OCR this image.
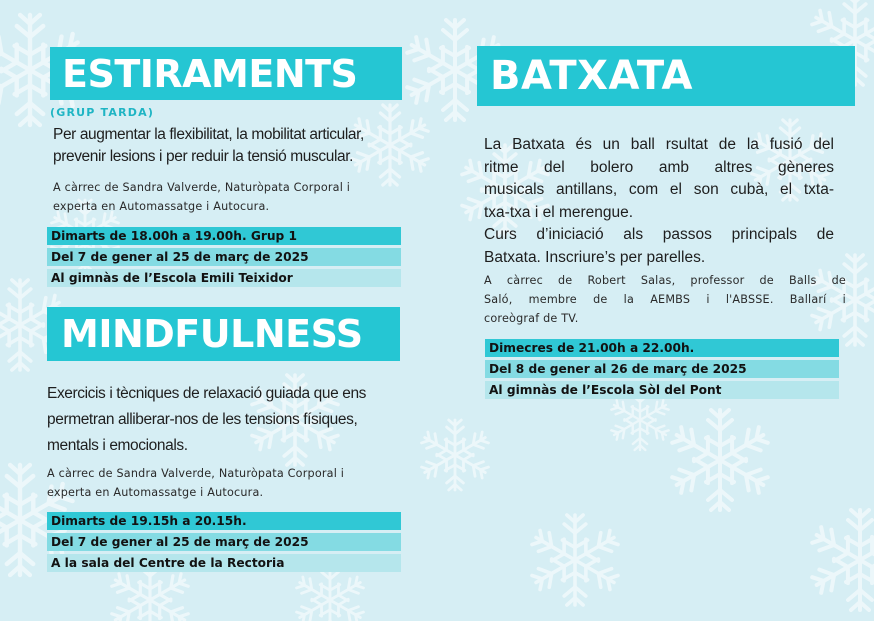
ESTIRAMENTS
(GRUP TARDA)
Per augmentar la flexibilitat, la mobilitat articular,
prevenir lesions i per reduir la tensió muscular.
A càrrec de Sandra Valverde, Naturòpata Corporal i
experta en Automassatge i Autocura.
Dimarts de 18.00h a 19.00h. Grup 1
Del 7 de gener al 25 de març de 2025
Al gimnàs de l’Escola Emili Teixidor
MINDFULNESS
Exercicis i tècniques de relaxació guiada que ens
permetran alliberar-nos de les tensions físiques,
mentals i emocionals.
A càrrec de Sandra Valverde, Naturòpata Corporal i
experta en Automassatge i Autocura.
Dimarts de 19.15h a 20.15h.
Del 7 de gener al 25 de març de 2025
A la sala del Centre de la Rectoria
BATXATA
La Batxata és un ball rsultat de la fusió del
ritme del bolero amb altres gèneres
musicals antillans, com el son cubà, el txta-
txa-txa i el merengue.
Curs d’iniciació als passos principals de
Batxata. Inscriure’s per parelles.
A càrrec de Robert Salas, professor de Balls de
Saló, membre de la AEMBS i l'ABSSE. Ballarí i
coreògraf de TV.
Dimecres de 21.00h a 22.00h.
Del 8 de gener al 26 de març de 2025
Al gimnàs de l’Escola Sòl del Pont
